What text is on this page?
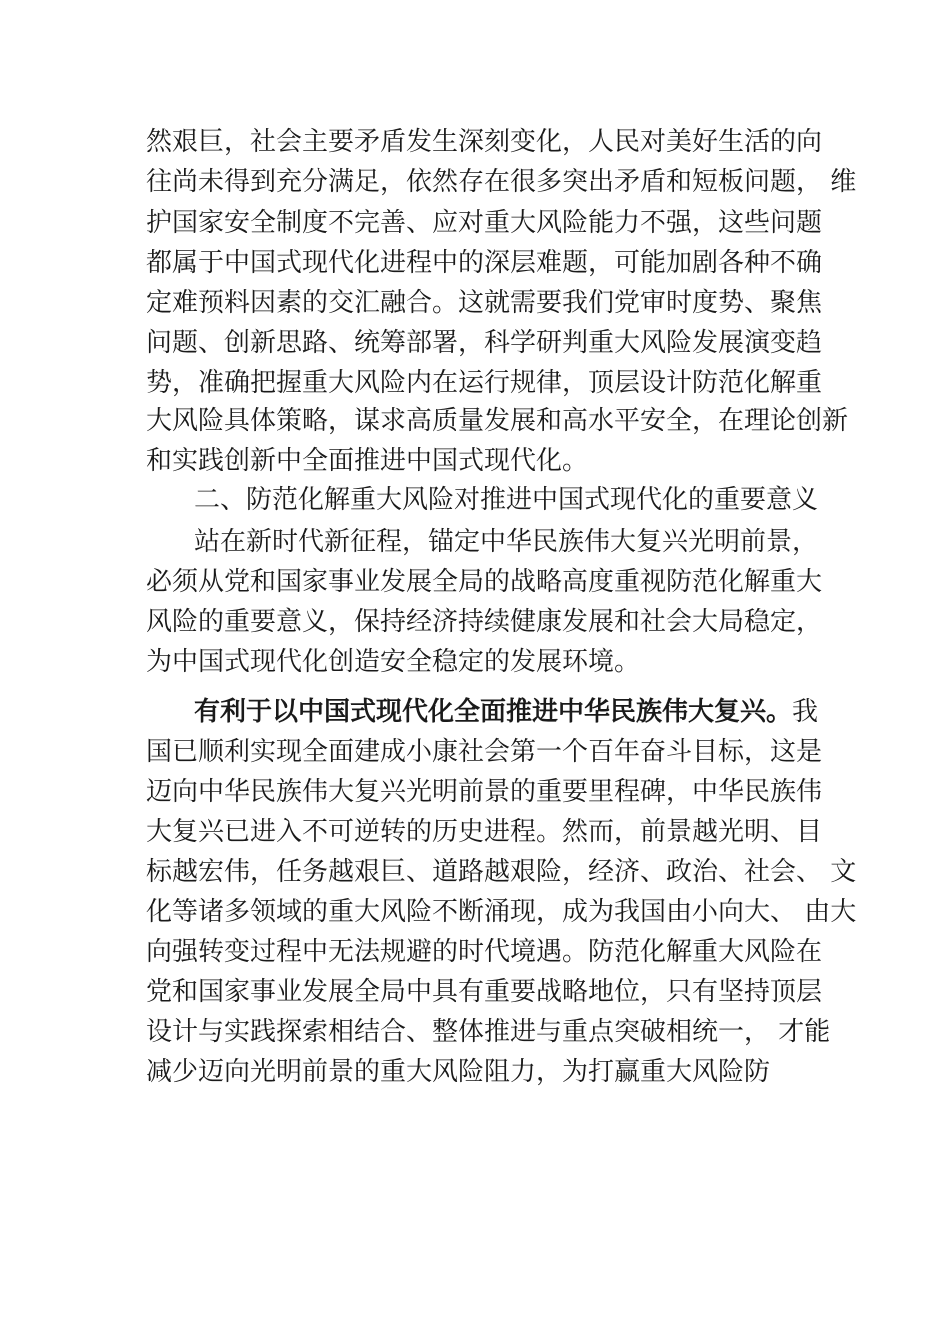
然艰巨，社会主要矛盾发生深刻变化，人民对美好生活的向
往尚未得到充分满足，依然存在很多突出矛盾和短板问题， 维
护国家安全制度不完善、应对重大风险能力不强，这些问题
都属于中国式现代化进程中的深层难题，可能加剧各种不确
定难预料因素的交汇融合。这就需要我们党审时度势、聚焦
问题、创新思路、统筹部署，科学研判重大风险发展演变趋
势，准确把握重大风险内在运行规律，顶层设计防范化解重
大风险具体策略，谋求高质量发展和高水平安全，在理论创新
和实践创新中全面推进中国式现代化。
二、防范化解重大风险对推进中国式现代化的重要意义
站在新时代新征程，锚定中华民族伟大复兴光明前景，
必须从党和国家事业发展全局的战略高度重视防范化解重大
风险的重要意义，保持经济持续健康发展和社会大局稳定，
为中国式现代化创造安全稳定的发展环境。
有利于以中国式现代化全面推进中华民族伟大复兴。我
国已顺利实现全面建成小康社会第一个百年奋斗目标，这是
迈向中华民族伟大复兴光明前景的重要里程碑，中华民族伟
大复兴已进入不可逆转的历史进程。然而，前景越光明、目
标越宏伟，任务越艰巨、道路越艰险，经济、政治、社会、 文
化等诸多领域的重大风险不断涌现，成为我国由小向大、 由大
向强转变过程中无法规避的时代境遇。防范化解重大风险在
党和国家事业发展全局中具有重要战略地位，只有坚持顶层
设计与实践探索相结合、整体推进与重点突破相统一， 才能
减少迈向光明前景的重大风险阻力，为打赢重大风险防
